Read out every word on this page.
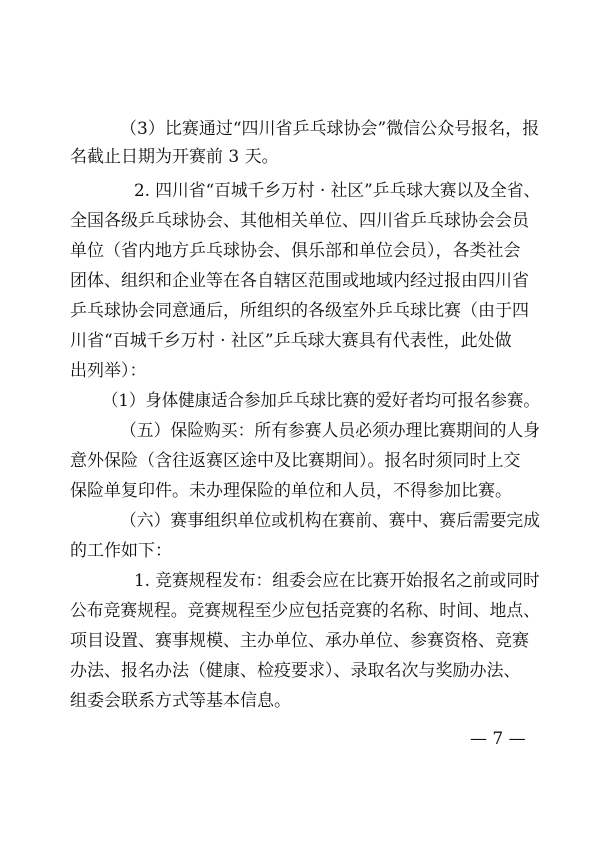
（3）比赛通过“四川省乒乓球协会”微信公众号报名，报
名截止日期为开赛前 3 天。
2. 四川省“百城千乡万村 · 社区”乒乓球大赛以及全省、
全国各级乒乓球协会、其他相关单位、四川省乒乓球协会会员
单位（省内地方乒乓球协会、俱乐部和单位会员），各类社会
团体、组织和企业等在各自辖区范围或地域内经过报由四川省
乒乓球协会同意通后，所组织的各级室外乒乓球比赛（由于四
川省“百城千乡万村 · 社区”乒乓球大赛具有代表性，此处做
出列举）：
（1）身体健康适合参加乒乓球比赛的爱好者均可报名参赛。
（五）保险购买：所有参赛人员必须办理比赛期间的人身
意外保险（含往返赛区途中及比赛期间）。报名时须同时上交
保险单复印件。未办理保险的单位和人员，不得参加比赛。
（六）赛事组织单位或机构在赛前、赛中、赛后需要完成
的工作如下：
1. 竞赛规程发布：组委会应在比赛开始报名之前或同时
公布竞赛规程。竞赛规程至少应包括竞赛的名称、时间、地点、
项目设置、赛事规模、主办单位、承办单位、参赛资格、竞赛
办法、报名办法（健康、检疫要求）、录取名次与奖励办法、
组委会联系方式等基本信息。
— 7 —
